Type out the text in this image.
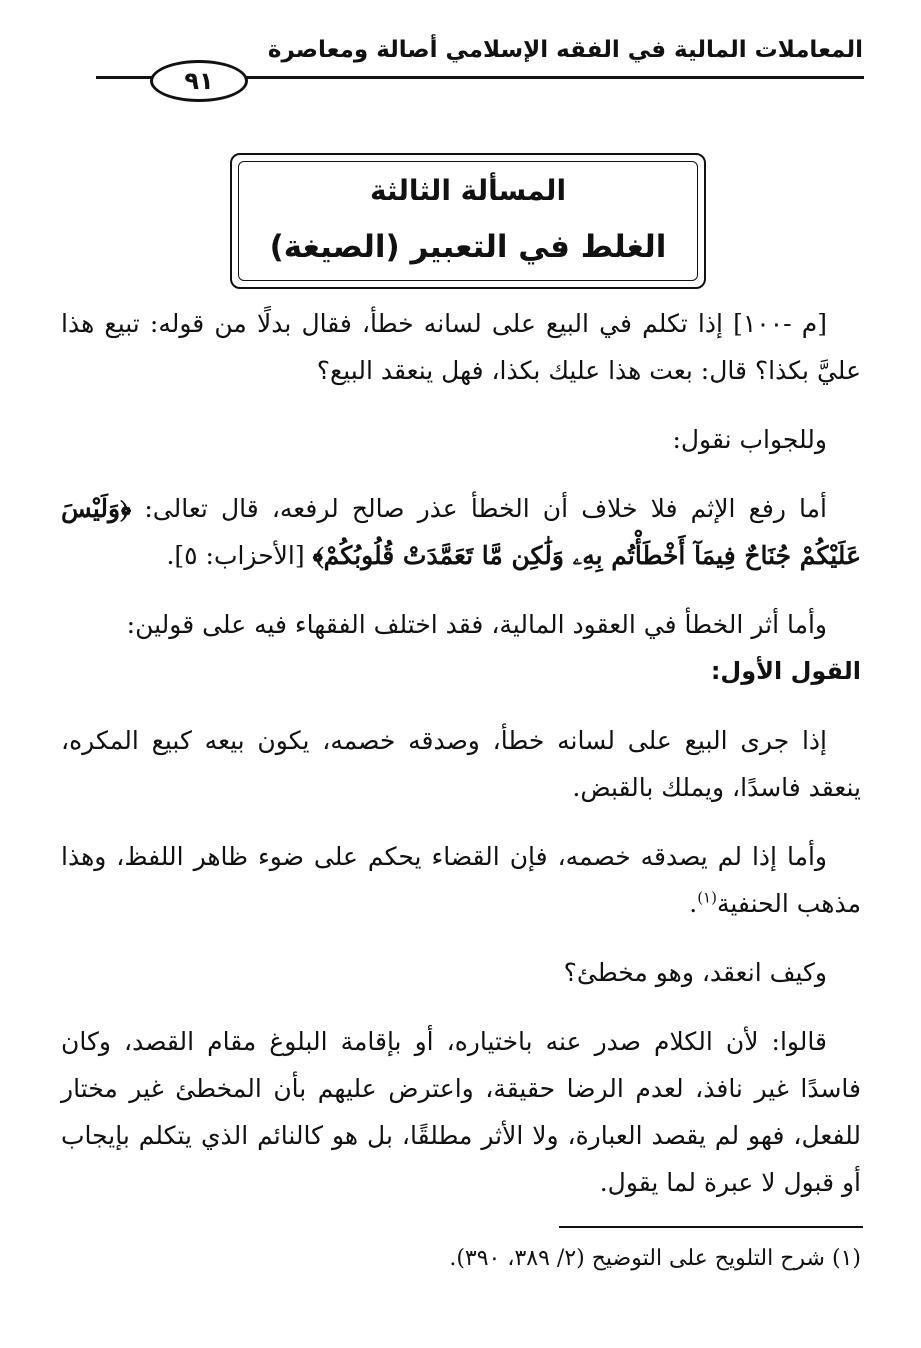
المعاملات المالية في الفقه الإسلامي أصالة ومعاصرة
٩١
المسألة الثالثة
الغلط في التعبير (الصيغة)

[م -١٠٠] إذا تكلم في البيع على لسانه خطأ، فقال بدلًا من قوله: تبيع هذا عليَّ بكذا؟ قال: بعت هذا عليك بكذا، فهل ينعقد البيع؟

وللجواب نقول:

أما رفع الإثم فلا خلاف أن الخطأ عذر صالح لرفعه، قال تعالى: ﴿وَلَيْسَ عَلَيْكُمْ جُنَاحٌ فِيمَآ أَخْطَأْتُم بِهِۦ وَلَٰكِن مَّا تَعَمَّدَتْ قُلُوبُكُمْ﴾ [الأحزاب: ٥].

وأما أثر الخطأ في العقود المالية، فقد اختلف الفقهاء فيه على قولين:

القول الأول:

إذا جرى البيع على لسانه خطأ، وصدقه خصمه، يكون بيعه كبيع المكره، ينعقد فاسدًا، ويملك بالقبض.

وأما إذا لم يصدقه خصمه، فإن القضاء يحكم على ضوء ظاهر اللفظ، وهذا مذهب الحنفية$^{(١)}$.

وكيف انعقد، وهو مخطئ؟

قالوا: لأن الكلام صدر عنه باختياره، أو بإقامة البلوغ مقام القصد، وكان فاسدًا غير نافذ، لعدم الرضا حقيقة، واعترض عليهم بأن المخطئ غير مختار للفعل، فهو لم يقصد العبارة، ولا الأثر مطلقًا، بل هو كالنائم الذي يتكلم بإيجاب أو قبول لا عبرة لما يقول.

(١) شرح التلويح على التوضيح (٢/ ٣٨٩، ٣٩٠).
